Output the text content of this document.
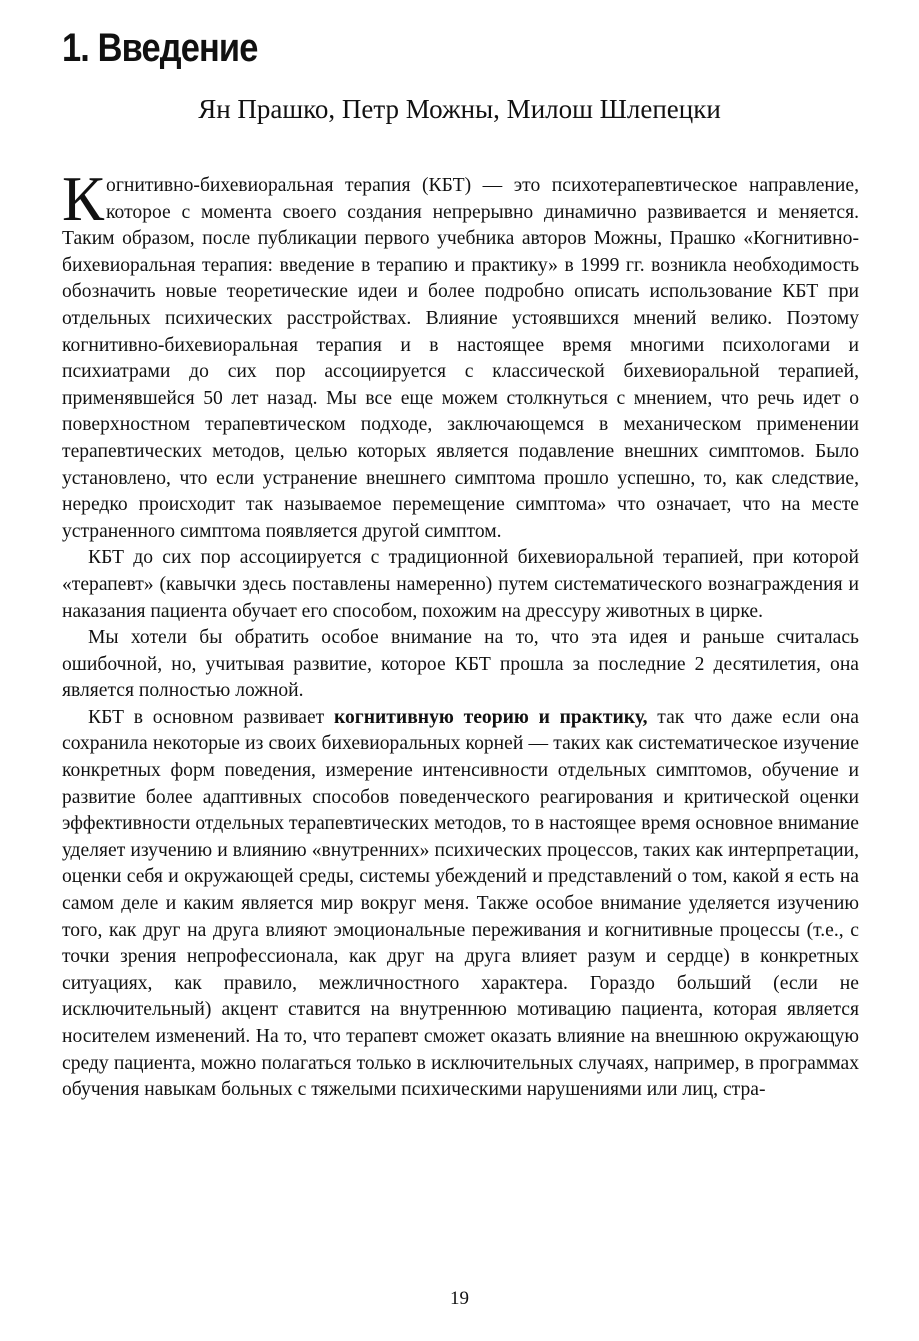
1. Введение
Ян Прашко, Петр Можны, Милош Шлепецки

Когнитивно-бихевиоральная терапия (КБТ) — это психотерапевтическое направление, которое с момента своего создания непрерывно динамично развивается и меняется. Таким образом, после публикации первого учебника авторов Можны, Прашко «Когнитивно-бихевиоральная терапия: введение в терапию и практику» в 1999 гг. возникла необходимость обозначить новые теоретические идеи и более подробно описать использование КБТ при отдельных психических расстройствах. Влияние устоявшихся мнений велико. Поэтому когнитивно-бихевиоральная терапия и в настоящее время многими психологами и психиатрами до сих пор ассоциируется с классической бихевиоральной терапией, применявшейся 50 лет назад. Мы все еще можем столкнуться с мнением, что речь идет о поверхностном терапевтическом подходе, заключающемся в механическом применении терапевтических методов, целью которых является подавление внешних симптомов. Было установлено, что если устранение внешнего симптома прошло успешно, то, как следствие, нередко происходит так называемое перемещение симптома» что означает, что на месте устраненного симптома появляется другой симптом.

КБТ до сих пор ассоциируется с традиционной бихевиоральной терапией, при которой «терапевт» (кавычки здесь поставлены намеренно) путем систематического вознаграждения и наказания пациента обучает его способом, похожим на дрессуру животных в цирке.

Мы хотели бы обратить особое внимание на то, что эта идея и раньше считалась ошибочной, но, учитывая развитие, которое КБТ прошла за последние 2 десятилетия, она является полностью ложной.

КБТ в основном развивает когнитивную теорию и практику, так что даже если она сохранила некоторые из своих бихевиоральных корней — таких как систематическое изучение конкретных форм поведения, измерение интенсивности отдельных симптомов, обучение и развитие более адаптивных способов поведенческого реагирования и критической оценки эффективности отдельных терапевтических методов, то в настоящее время основное внимание уделяет изучению и влиянию «внутренних» психических процессов, таких как интерпретации, оценки себя и окружающей среды, системы убеждений и представлений о том, какой я есть на самом деле и каким является мир вокруг меня. Также особое внимание уделяется изучению того, как друг на друга влияют эмоциональные переживания и когнитивные процессы (т.е., с точки зрения непрофессионала, как друг на друга влияет разум и сердце) в конкретных ситуациях, как правило, межличностного характера. Гораздо больший (если не исключительный) акцент ставится на внутреннюю мотивацию пациента, которая является носителем изменений. На то, что терапевт сможет оказать влияние на внешнюю окружающую среду пациента, можно полагаться только в исключительных случаях, например, в программах обучения навыкам больных с тяжелыми психическими нарушениями или лиц, стра-

19
